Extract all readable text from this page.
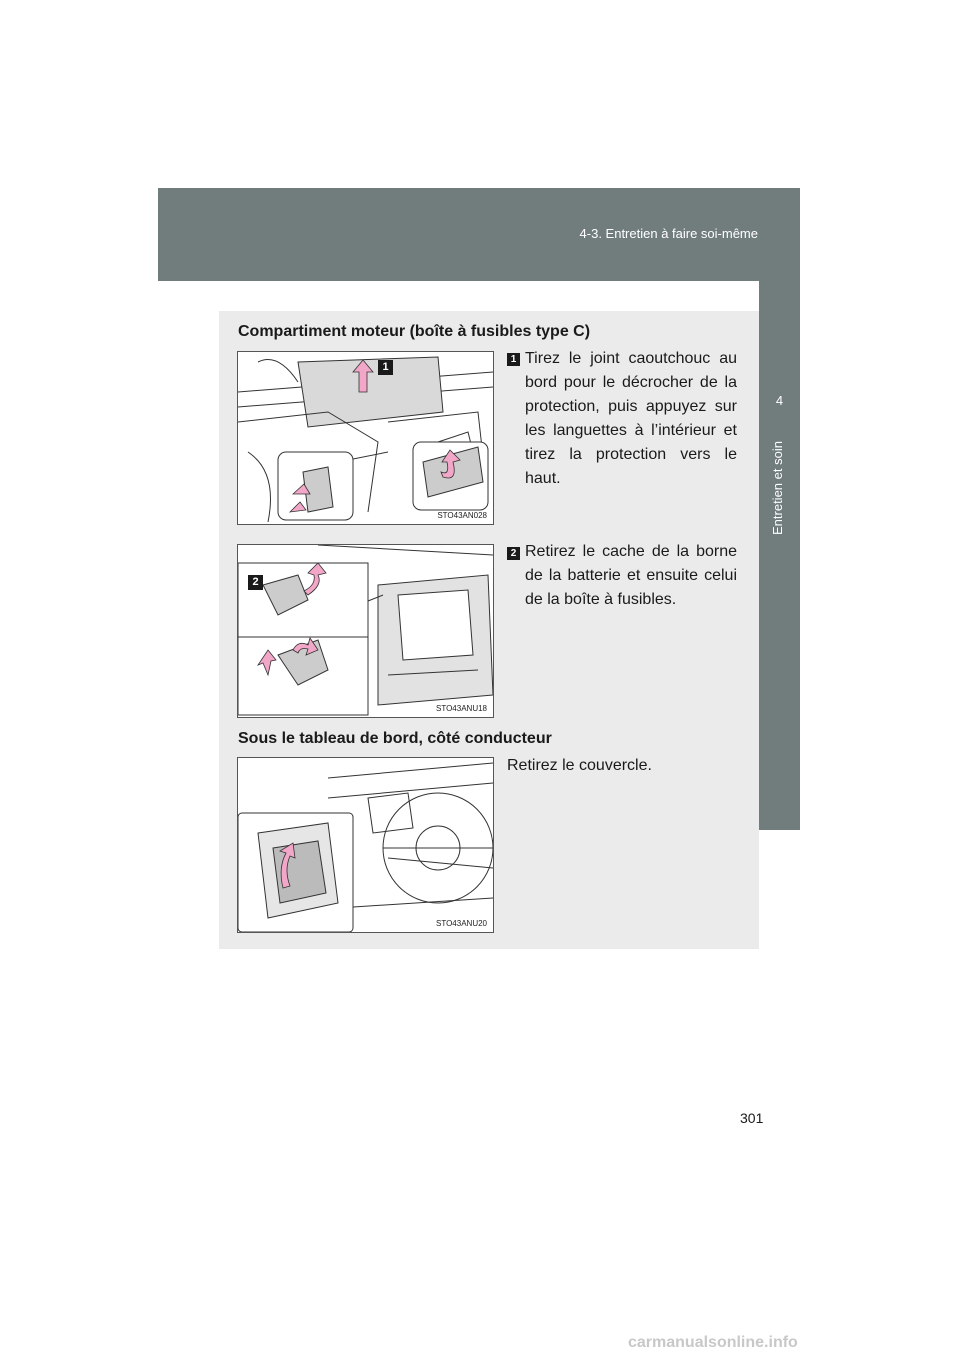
4-3. Entretien à faire soi-même
4
Entretien et soin
Compartiment moteur (boîte à fusibles type C)
1
STO43AN028
1 Tirez le joint caoutchouc au bord pour le décrocher de la protection, puis appuyez sur les languettes à l’intérieur et tirez la protection vers le haut.
2
STO43ANU18
2 Retirez le cache de la borne de la batterie et ensuite celui de la boîte à fusibles.
Sous le tableau de bord, côté conducteur
STO43ANU20
Retirez le couvercle.
301
carmanualsonline.info
